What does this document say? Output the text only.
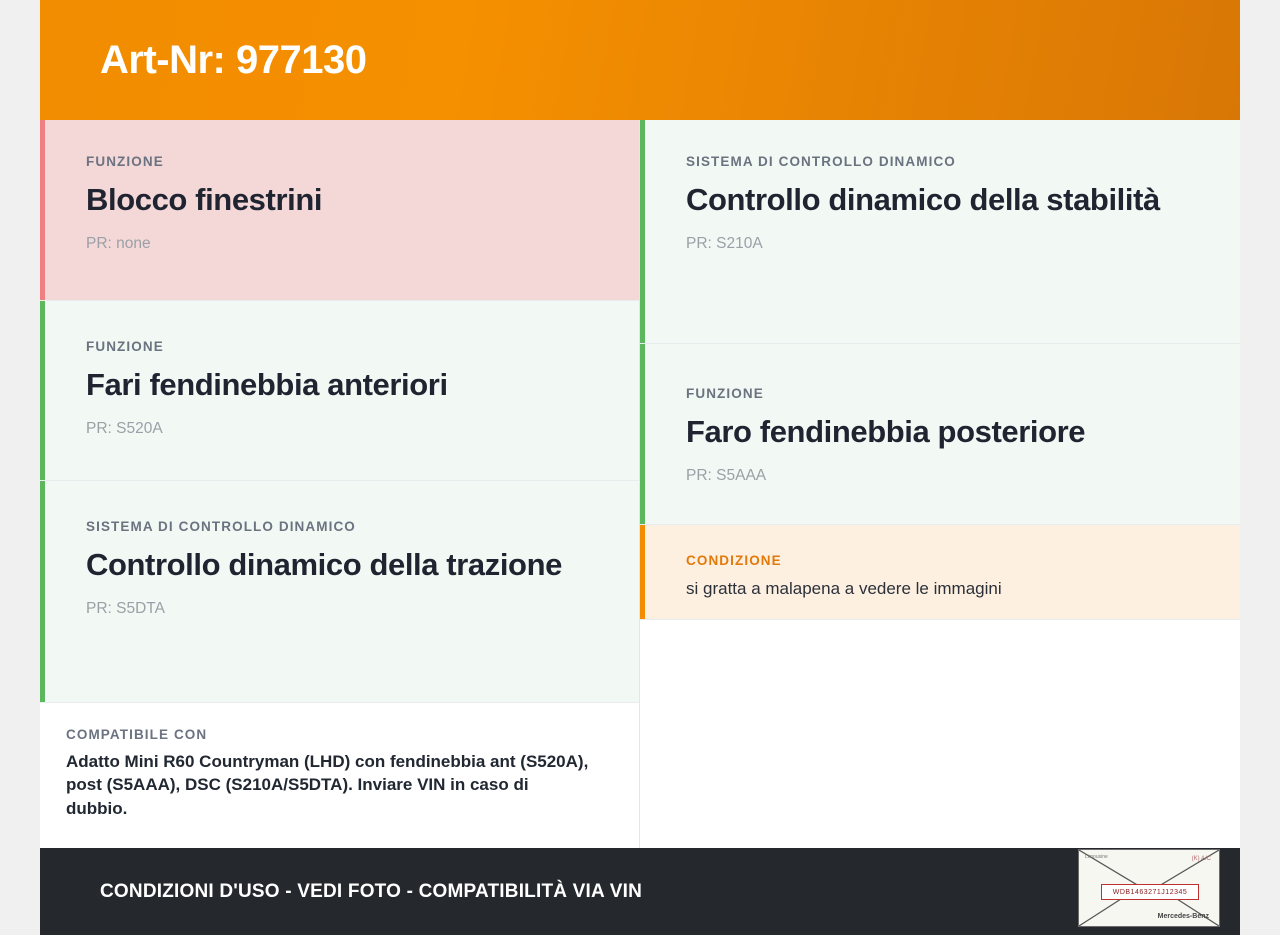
Art-Nr: 977130
FUNZIONE
Blocco finestrini
PR: none
FUNZIONE
Fari fendinebbia anteriori
PR: S520A
SISTEMA DI CONTROLLO DINAMICO
Controllo dinamico della trazione
PR: S5DTA
COMPATIBILE CON
Adatto Mini R60 Countryman (LHD) con fendinebbia ant (S520A), post (S5AAA), DSC (S210A/S5DTA). Inviare VIN in caso di dubbio.
SISTEMA DI CONTROLLO DINAMICO
Controllo dinamico della stabilità
PR: S210A
FUNZIONE
Faro fendinebbia posteriore
PR: S5AAA
CONDIZIONE
si gratta a malapena a vedere le immagini
CONDIZIONI D'USO - VEDI FOTO - COMPATIBILITÀ VIA VIN
Limousine	(K) A/C
WDB1463271J12345
Mercedes-Benz
